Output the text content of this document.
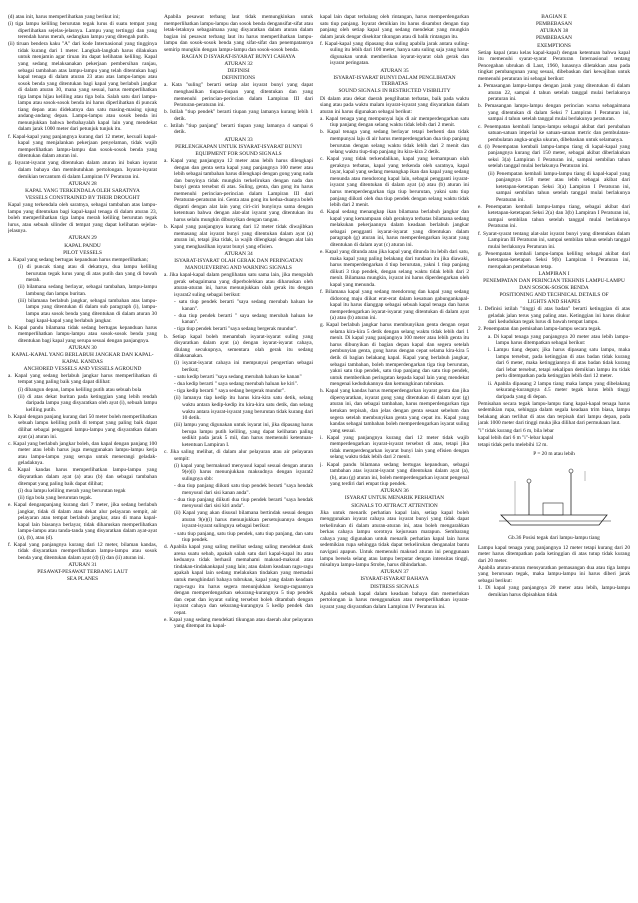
(d) atau init, harus memperlihatkan yang berikut ini;

(i) tiga lampu keliling berurutan tegak lurus di suatu tempat yang diperlihatkan sejelas-jelasnya. Lampu yang tertinggi dan yang terendah harus merah, sedangkan lampu yang ditengah putih.

(ii) tiruan bendera kaku "A" dari kode Internasional yang tingginya tidak kurang dari 1 meter. Langkah-langkah harus dilakukan untuk menjamin agar tiruan itu dapat kelihatan keliling. Kapal yang sedang melaksanakan pekerjaan pembersihan ranjau, sebagai tambahan atas lampu-lampu yang telah ditentukan bagi kapal tenaga di dalam aturan 23 atau atas lampu-lampu atau sosok benda yang ditentukan bagi kapal yang berlabuh jangkar di dalam aturan 30, mana yang sesuai, harus memperlihatkan tiga lampu hijau keliling atau tiga bola. Salah satu dari lampu-lampu atau sosok-sosok benda ini harus diperlihatkan di puncak tiang depan atau didekatnya dan satu masing-masing ujung andang-andang depan. Lampu-lampu atau sosok benda ini menunjukkan bahwa berbahayalah kapal lain yang mendekat dalam jarak 1000 meter dari petunjuk tunjuk itu.

f. Kapal-kapal yang panjangnya kurang dari 12 meter, kecuali kapal-kapal yang menjalankan pekerjaan penyelaman, tidak wajib memperlihatkan lampu-lampu dan sosok-sosok benda yang ditentukan dalam aturan ini.

g. Isyarat-isyarat yang ditentukan dalam aturan ini bukan isyarat dalam bahaya dan membutuhkan pertolongan. Isyarat-isyarat demikian tercantum di dalam Lampiran IV Peraturan ini.

ATURAN 28

KAPAL YANG TERKENDALA OLEH SARATNYA

VESSELS CONSTRAINED BY THEIR DROUGHT

Kapal yang terkendala oleh saratnya, sebagai tambahan atas lampu-lampu yang ditentukan bagi kapal-kapal tenaga di dalam aturan 23, boleh memperlihatkan tiga lampu merah keliling berurutan tegak lurus, atau sebuah silinder di tempat yang dapat kelihatan sejelas-jelasnya.

ATURAN 29

KAPAL PANDU

PILOT VESSELS

a. Kapal yang sedang bertugas kepanduan harus memperlihatkan;

(i) di puncak tiang atau di dekatnya, dua lampu keliling berurutan tegak lurus yang di atas putih dan yang di bawah merah.

(ii) bilamana sedang berlayar, sebagai tambahan, lampu-lampu lambung dan lampu buritan.

(iii) bilamana berlabuh jangkar, sebagai tambahan atas lampu-lampu yang ditentukan di dalam sub paragraph (i), lampu-lampu atau sosok benda yang ditentukan di dalam aturan 30 bagi kapal-kapal yang berlabuh jangkar.

b. Kapal pandu bilamana tidak sedang bertugas kepanduan harus memperlihatkan lampu-lampu atau sosok-sosok benda yang ditentukan bagi kapal yang serupa sesuai dengan panjangnya.

ATURAN 30

KAPAL-KAPAL YANG BERLABUH JANGKAR DAN KAPAL-KAPAL KANDAS

ANCHORED VESSELS AND VESSELS AGROUND

a. Kapal yang sedang berlabuh jangkar harus memperlihatkan di tempat yang paling baik yang dapat dilihat:

(i) dibangun depan, lampu keliling putih atau sebuah bola

(ii) di atas dekat buritan pada ketinggian yang lebih rendah daripada lampu yang disyaratkan oleh ayat (i), sebuah lampu keliling putih.

b. Kapal dengan panjang kurang dari 50 meter boleh memperlihatkan sebuah lampu keliling putih di tempat yang paling baik dapat dilihat sebagai pengganti lampu-lampu yang disyaratkan dalam ayat (a) aturan ini.

c. Kapal yang berlabuh jangkar boleh, dan kapal dengan panjang 100 meter atau lebih harus juga menggunakan lampu-lampu kerja atau lampu-lampu yang serupa untuk menerangi geladak-geladaknya.

d. Kapal kandas harus memperlihatkan lampu-lampu yang disyaratkan dalam ayat (a) atau (b) dan sebagai tambahan ditempat yang paling baik dapat dilihat;

(i) dua lampu keliling merah yang berurutan tegak

(ii) tiga bola yang berurutan tegak.

e. Kapal denganpanjang kurang dari 7 meter, jika sedang berlabuh jangkar, tidak di dalam atau dekat alur pelayaran sempit, air pelayaran atau tempat berlabuh jangkar, atau di mana kapal-kapal lain biasanya berlayar, tidak diharuskan memperlihatkan lampu-lampu atau tanda-tanda yang disyaratkan dalam ayat-ayat (a), (b), atau (d).

f. Kapal yang panjangnya kurang dari 12 meter, bilaman kandas, tidak disyaratkan memperlihatkan lampu-lampu atau sosok benda yang ditentukan dalam ayat (d) (i) dan (ii) aturan ini.

ATURAN 31

PESAWAT-PESAWAT TERBANG LAUT

SEA PLANES

Apabila pesawat terbang laut tidak memungkinkan untuk memperlihatkan lampu-lampu dan sosok benda dengansifat-sifat atau letak-letaknya sebagaimana yang disyaratkan dalam aturan dalam bagian ini pesawat terbang laut itu harus memperlihatkan lampu-lampu dan sosok-sosok benda yang sifat-sifat dan penempatannya semirip mungkin dengan lampu-lampu dan sosok-sosok benda.

BAGIAN D ISYARAT-ISYARAT BUNYI CAHAYA

ATURAN 32

DEFINISI

DEFINITIONS

a. Kata "suling" berarti setiap alat isyarat bunyi yang dapat menghasilkan tiupan-tiupan yang ditentukan dan yang memenuhi perincian-perincian dalam Lampiran III dari Peraturan-peraturan ini.

b. Istilah "tiup pendek" berarti tiupan yang lamanya kurang lebih 1 detik.

c. Istilah "tiup panjang" berarti tiupan yang lamanya 4 sampai 6 detik.

ATURAN 33

PERLENGKAPAN UNTUK ISYARAT-ISYARAT BUNYI

EQUIPMENT FOR SOUND SIGNALS

a. Kapal yang panjangnya 12 meter atau lebih harus dilengkapi dengan dan genta serta kapal yang panjangnya 100 meter atau lebih sebagai tambahan harus dilengkapi dengan gong yang nada dan bunyinya tidak mungkin terkelirukan dengan nada dan bunyi genta tersebut di atas. Suling, genta, dan gong itu harus memenuhi perincian-perincian dalam Lampiran III dari Peraturan-peraturan ini. Genta atau gong itu kedua-duanya boleh diganti dengan alat lain yang ciri-ciri bunyinya sama dengan ketentuan bahwa dengan alat-alat isyarat yang ditentukan itu harus selalu mungkin dibunyikan dengan tangan.

b. Kapal yang panjangnya kurang dari 12 meter tidak diwajibkan memasang alat isyarat bunyi yang ditentukan dalam ayat (a) aturan ini, tetapi jika tidak, ia wajib dilengkapi dengan alat lain yang menghasilkan isyarat bunyi yang efisien.

ATURAN 34

ISYARAT-ISYARAT OLAH GERAK DAN PERINGATAN

MANOUEVERING AND WARNING SIGNALS

a. Jika kapal-kapal dalam penglihatan satu sama lain, jika mengolah gerak sebagaimana yang diperbolehkan atau diharuskan oleh aturan-aturan ini, harus menunjukkan olah gerak itu dengan isyarat2 suling sebagai berikut:

- satu tiup pendek berarti "saya sedang merubah haluan ke kanan".

- dua tiup pendek berarti " saya sedang merubah haluan ke kanan".

- tiga tiup pendek berarti "saya sedang bergerak mundur".

b. Setiap kapal boleh menambah isyarat-isyarat suling yang disyaratkan dalam ayat (a) dengan isyarat-isyarat cahaya, diulang secukupnya, sementara olah gerak itu sedang dilaksanakan.

(i) isyarat-isyarat cahaya ini mempunyai pengertian sebagai berikut;

- satu kedip berarti "saya sedang merubah haluan ke kanan"

- dua kedip berarti " saya sedang merubah haluan ke kiri".

- tiga kedip berarti " saya sedang bergerak mundur".

(ii) lamanya tiap kedip itu harus kira-kira satu detik, selang waktu antara kedip-kedip itu kira-kira satu detik, dan selang waktu antara isyarat-isyarat yang berurutan tidak kurang dari 10 detik.

(iii) lampu yang digunakan untuk isyarat ini, jika dipasang harus berupa lampu putih keliling, yang dapat kelihatan paling sedikit pada jarak 5 mil, dan harus memenuhi ketentuan-ketentuan Lampiran I.

c. Jika saling melihat, di dalam alur pelayaran atau air pelayaran sempit:

(i) kapal yang bermaksud menyusul kapal sesuai dengan aturan 9(e)(i) harus menunjukkan maksudnya dengan isyarat2 sulingnya sbb:

- dua tiup panjang diikuti satu tiup pendek berarti "saya hendak menyusul dari sisi kanan anda".

- dua tiup panjang diikuti dua tiup pendek berarti "saya hendak menyusul dari sisi kiri anda".

(ii) Kapal yang akan disusul bilamana bertindak sesuai dengan aturan 9(e)(i) harus menunjukkan persetujuannya dengan isyarat-isyarat sulingnya sebagai berikut:

- satu tiup panjang, satu tiup pendek, satu tiup panjang, dan satu tiup pendek.

d. Apabila kapal yang saling melihat sedang saling mendekat dank arena suatu sebab, apakah salah satu dari kapal-kapal itu atau keduanya tidak berhasil memahami maksud-maksud atau tindakan-tindakankapal yang lain; atau dalam keadaan ragu-ragu apakah kapal lain sedang melakukan tindakan yang memadai untuk menghindari bahaya tubrukan, kapal yang dalam keadaan ragu-ragu itu harus segera menunjukkan keragu-raguannya dengan memperdengarkan sekurang-kurangnya 5 tiup pendek dan cepat dan isyarat suling tersebut boleh ditambah dengan isyarat cahaya dan sekurang-kurangnya 5 kedip pendek dan cepat.

e. Kapal yang sedang mendekati tikungan atau daerah alur pelayaran yang ditempat itu kapal-

kapal lain dapat terhalang oleh rintangan, harus memperdengarkan satu tiup panjang. Isyarat demikian itu harus disambut dengan tiup panjang oleh setiap kapal yang sedang mendekat yang mungkin dalam jarak dengar disekitar tikungan atau di balik rintangan itu.

f. Kapal-kapal yang dipasang dua suling apabila jarak antara suling-suling itu lebih dari 100 meter, hanya satu suling saja yang harus digunakan untuk memberikan isyarat-isyarat olah gerak dan isyarat peringatan.

ATURAN 35

ISYARAT-ISYARAT BUNYI DALAM PENGLIHATAN TERBATAS

SOUND SIGNALS IN RESTRICTED VISIBILITY

Di dalam atau dekat daerah penglihatan terbatas, baik pada waktu siang atau pada waktu malam isyarat-isyarat yang disyaratkan dalam aturan ini harus digunakan sebagai berikut:

a. Kapal tenaga yang mempunyai laju di air memperdengarkan satu tiup panjang dengan selang waktu tidak lebih dari 2 menit.

b. Kapal tenaga yang sedang berlayar tetapi berhenti dan tidak mempunyai laju di air harus memperdengarkan dua tiup panjang berurutan dengan selang waktu tidak lebih dari 2 menit dan selang waktu tiup-tiup panjang itu kira-kira 2 detik.

c. Kapal yang tidak terkendalikan, kapal yang kemampuan olah geraknya terbatas, kapal yang terkenda oleh saratnya, kapal layar, kapal yang sedang menangkap ikan dan kapal yang sedang menunda atau mendorong kapal lain, sebagai pengganti isyarat-isyarat yang ditentukan di dalam ayat (a) atau (b) aturan ini harus memperdengarkan tiga tiup berurutan, yakni satu tiup panjang diikuti oleh dua tiup pendek dengan selang waktu tidak lebih dari 2 menit.

d. Kapal sedang menangkap ikan bilamana berlabuh jangkar dan kapal yang kemampuan olah geraknya terbatas bilamana sedang melakukan pekerjaannya dalam keadaan berlabuh jangkar sebagai pengganti isyarat-isyarat yang ditentukan dalam paragraph (g) aturan ini, harus memperdengarkan isyarat yang ditentukan di dalam ayat (c) aturan ini.

e. Kapal yang ditunda atau jika kapal yang ditunda itu lebih dari satu, maka kapal yang paling belakang dari tundaan itu jika diawaki, harus memperdengarkan 4 tiup berurutan, yakni 1 tiup panjang diikuti 3 tiup pendek, dengan selang waktu tidak lebih dari 2 menit. Bilamana mungkin, isyarat ini harus diperdengarkan oleh kapal yang menunda.

f. Bilamana kapal yang sedang mendorong dan kapal yang sedang didorong maju diikat erat-erat dalam kesatuan gabungankapal-kapal itu harus dianggap sebagai sebuah kapal tenaga dan harus memperdengarkan isyarat-isyarat yang ditentukan di dalam ayat (a) atau (b) aturan ini.

g. Kapal berlabuh jangkar harus membunyikan genta dengan cepat selama kira-kira 5 detik dengan selang waktu tidak lebih dari 1 menit. Di kapal yang panjangnya 100 meter atau lebih genta itu harus dibunyikan di bagian depan kapal dan segera setelah pembunyian genta, gong harus dengan cepat selama kira-kira 5 detik di bagian belakang kapal. Kapal yang berlabuh jangkar, sebagai tambahan, boleh memperdengarkan tiga tiup berurutan, yakni satu tiup pendek, satu tiup panjang dan satu tiup pendek, untuk memberikan peringatan kepada kapal lain yang mendekat mengenai kedudukannya dan kemungkinan tubrukan.

h. Kapal yang kandas harus memperdengarkan isyarat genta dan jika dipersyaratkan, isyarat gong yang ditentukan di dalam ayat (g) aturan ini, dan sebagai tambahan, harus memperdengarkan tiga ketukan terpisah, dan jelas dengan genta sesaat sebelum dan segera setelah membunyikan genta yang cepat itu. Kapal yang kandas sebagai tambahan boleh memperdengarkan isyarat suling yang sesuai.

i. Kapal yang panjangnya kurang dari 12 meter tidak wajib memperdengarkan isyarat-isyarat tersebut di atas, tetapi jika tidak memperdengarkan isyarat bunyi lain yang efisien dengan selang waktu tidak lebih dari 2 menit.

j. Kapal pandu bilamana sedang bertugas kepanduan, sebagai tambahan atas isyarat-isyarat yang ditentukan dalam ayat (a), (b), atau (g) aturan ini, boleh memperdengarkan isyarat pengenal yang terdiri dari empat tiup pendek.

ATURAN 36

ISYARAT UNTUK MENARIK PERHATIAN

SIGNALS TO ATTRACT ATTENTION

Jika untuk menarik perhatian kapal lain, setiap kapal boleh menggunakan isyarat cahaya atau isyarat bunyi yang tidak dapat terkelirukan di dalam aturan-aturan ini, atau boleh mengarahkan berkas cahaya lampu sorotnya kejurusan marapun. Sembarang cahaya yang digunakan untuk menarik perhatian kapal lain harus sedemikian rupa sehingga tidak dapat terkelirukan denganalat bantu navigasi apapun. Untuk memenuhi maksud aturan ini penggunaan lampu bersela selang atau lampu berputar dengan intensitas tinggi, misalnya lampu-lampu Strobe, harus dihindarkan.

ATURAN 37

ISYARAT-ISYARAT BAHAYA

DISTRESS SIGNALS

Apabila sebuah kapal dalam keadaan bahaya dan memerlukan pertolongan ia harus menggunakan atau memperlihatkan isyarat-isyarat yang disyaratkan dalam Lampiran IV Peraturan ini.

BAGIAN E

PEMBEBASAN

ATURAN 38

PEMBEBASAN

EXEMPTIONS

Setiap kapal (atau kelas kapal-kapal) dengan ketentuan bahwa kapal itu memenuhi syarat-syarat Peraturan Internasional tentang Pencegahan ubrukan di Laut, 1960, lunasnya diletakkan atau pada tingkat pembangunan yang sesuai, dibebaskan dari kewajiban untuk memenuhi peraturan ini sebagai berikut:

a. Pemasangan lampu-lampu dengan jarak yang ditentukan di dalam aturan 22, sampai 4 tahun setelah tanggal mulai berlakunya peraturan ini.

b. Pemasangan lampu-lampu dengan perincian warna sebagaimana yang ditentukan di dalam Seksi 7 Lampiran I Peraturan ini, sampai 4 tahun setelah tanggal mulai berlakunya peraturan.

c. Penempatan kembali lampu-lampu sebagai akibat dari perubahan satuan-satuan imperial ke satuan-satuan metric dan pembulatan-pembulatan angka-angka ukuran, dibebaskan untuk selamanya.

d. (i) Penempatan kembali lampu-lampu tiang di kapal-kapal yang panjangnya kurang dari 150 meter, sebagai akibat diberlakukan seksi 3(a) Lampiran I Peraturan ini, sampai sembilan tahun setelah tanggal mulai berlakunya Peraturan ini.

(ii) Penempatan kembali lampu-lampu tiang di kapal-kapal yang panjangnya 150 meter atau lebih sebagai akibat dari ketetapan-ketetapan Seksi 3(a) Lampiran I Peraturan ini, sampai sembilan tahun setelah tanggal mulai berlakunya Peraturan ini.

e. Penempatan kembali lampu-lampu tiang, sebagai akibat dari ketetapan-ketetapan Seksi 2(a) dan 3(b) Lampiran I Peraturan ini, sampai sembilan tahun setelah tanggal mulai berlakunya Peraturan ini.

f. Syarat-syarat tentang alat-alat isyarat bunyi yang ditentukan dalam Lampiran III Peraturan ini, sampai sembilan tahun setelah tanggal mulai berlakunya Peraturan ini.

g. Penempatan kembali lampu-lampu keliling sebagai akibat dari ketetapan-ketetapan Seksi 9(b) Lampiran I Peraturan ini, merupakan pembebasan tetap.

LAMPIRAN I

PENEMPATAN DAN PERINCIAN TEKHNIS LAMPU-LAMPU DAN SOSOK-SOSOK BENDA

POSITIONING AND TECHNICAL DETAILS OF

LIGHTS AND SHAPES

1. Definisi istilah "tinggi di atas badan" berarti ketinggian di atas geladak jalan terus yang paling atas. Ketinggian ini harus diukur dari kedudukan tegak lurus di bawah tempat lampu.

2. Penempatan dan pemisahan lampu-lampu secara tegak.

a. Di kapal tenaga yang panjangnya 20 meter atau lebih lampu-lampu harus ditempatkan sebagai berikut:

i. Lampu tiang depan; jika harus dipasang satu lampu, maka lampu tersebut, pada ketinggian di atas badan tidak kurang dari 6 meter, maka ketinggiannya di atas badan tidak kurang dari lebar tersebut, tetapi sekalipun demikian lampu itu tidak perlu ditempatkan pada ketinggian lebih dari 12 meter.

ii. Apabila dipasang 2 lampu tiang maka lampu yang dibelakang sekurang-kurangnya 4.5 meter tegak lurus lebih tinggi daripada yang di depan.

Pemisahan secara tegak lampu-lampu tiang kapal-kapal tenaga harus sedemikian rupa, sehingga dalam segala keadaan trim biasa, lampu belakang akan terlihat di atas dan terpisah dari lampu depan, pada jarak 1000 meter dari tinggi muka jika dilihat dari permukaan laut.

"i" tidak kurang dari 6 m, bila lebar

kapal lebih dari 6 m "i"-lebar kapal

tetapi tidak perlu melebihi 12 m.

P = 20 m atau lebih
Gb.36 Posisi tegak dari lampu-lampu tiang

Lampu kapal tenaga yang panjangnya 12 meter tetapi kurang dari 20 meter harus ditempatkan pada ketinggian di atas tutup tidak kurang dari 20 meter.

Apabila aturan-aturan mensyaratkan pemasangan dua atau tiga lampu yang berurusan tegak, maka lampu-lampu ini harus diberi jarak sebagai berikut:

1. Di kapal yang panjangnya 20 meter atau lebih, lampu-lampu demikian harus dipisahkan tidak
